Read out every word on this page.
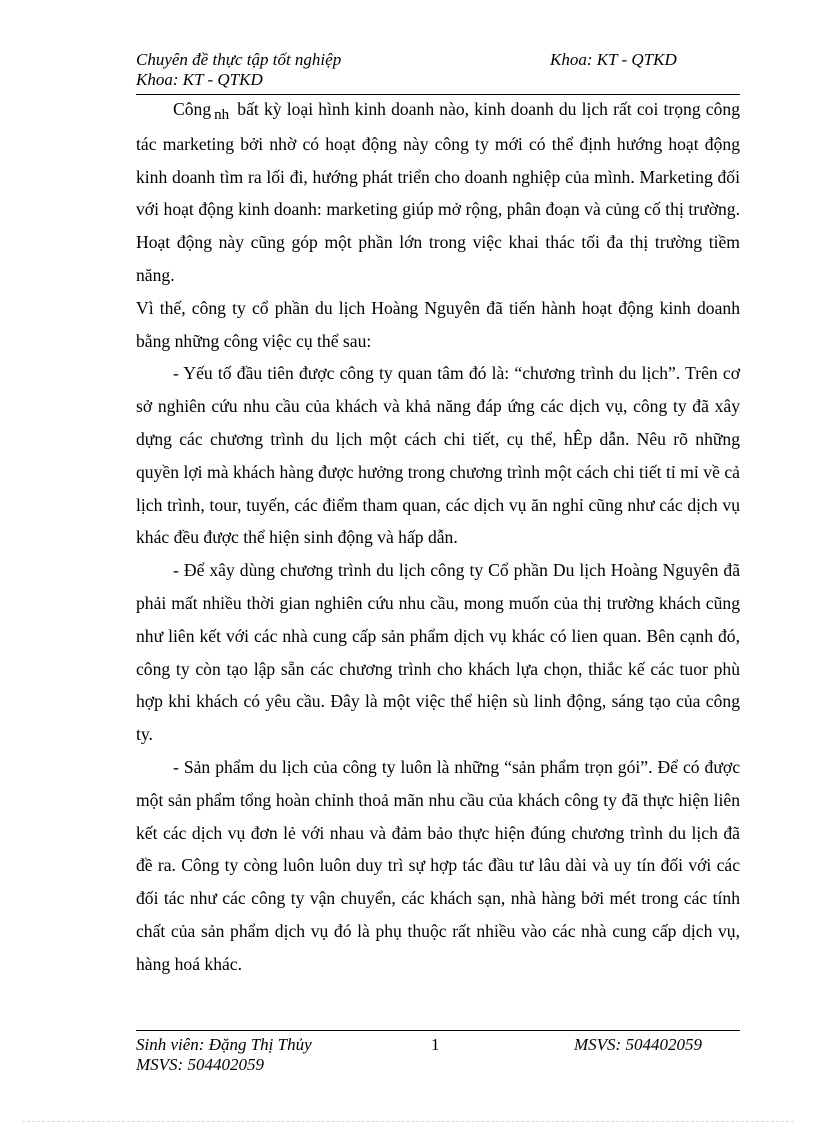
Chuyên đề thực tập tốt nghiệp	Khoa: KT - QTKD
Khoa: KT - QTKD

Công nh bất kỳ loại hình kinh doanh nào, kinh doanh du lịch rất coi trọng công tác marketing bởi nhờ có hoạt động này công ty mới có thể định hướng hoạt động kinh doanh tìm ra lối đi, hướng phát triển cho doanh nghiệp của mình. Marketing đối với hoạt động kinh doanh: marketing giúp mở rộng, phân đoạn và củng cố thị trường. Hoạt động này cũng góp một phần lớn trong việc khai thác tối đa thị trường tiềm năng.

Vì thế, công ty cổ phần du lịch Hoàng Nguyên đã tiến hành hoạt động kinh doanh bằng những công việc cụ thể sau:

- Yếu tố đầu tiên được công ty quan tâm đó là: “chương trình du lịch”. Trên cơ sở nghiên cứu nhu cầu của khách và khả năng đáp ứng các dịch vụ, công ty đã xây dựng các chương trình du lịch một cách chi tiết, cụ thể, hÊp dẫn. Nêu rõ những quyền lợi mà khách hàng được hưởng trong chương trình một cách chi tiết tỉ mỉ về cả lịch trình, tour, tuyến, các điểm tham quan, các dịch vụ ăn nghỉ cũng như các dịch vụ khác đều được thể hiện sinh động và hấp dẫn.

- Để xây dùng chương trình du lịch công ty Cổ phần Du lịch Hoàng Nguyên đã phải mất nhiều thời gian nghiên cứu nhu cầu, mong muốn của thị trường khách cũng như liên kết với các nhà cung cấp sản phẩm dịch vụ khác có lien quan. Bên cạnh đó, công ty còn tạo lập sẵn các chương trình cho khách lựa chọn, thiắc kế các tuor phù hợp khi khách có yêu cầu. Đây là một việc thể hiện sù linh động, sáng tạo của công ty.

- Sản phẩm du lịch của công ty luôn là những “sản phẩm trọn gói”. Để có được một sản phẩm tổng hoàn chỉnh thoả mãn nhu cầu của khách công ty đã thực hiện liên kết các dịch vụ đơn lẻ với nhau và đảm bảo thực hiện đúng chương trình du lịch đã đề ra. Công ty còng luôn luôn duy trì sự hợp tác đầu tư lâu dài và uy tín đối với các đối tác như các công ty vận chuyển, các khách sạn, nhà hàng bởi mét trong các tính chất của sản phẩm dịch vụ đó là phụ thuộc rất nhiều vào các nhà cung cấp dịch vụ, hàng hoá khác.

Sinh viên: Đặng Thị Thủy	1	MSVS: 504402059
MSVS: 504402059
